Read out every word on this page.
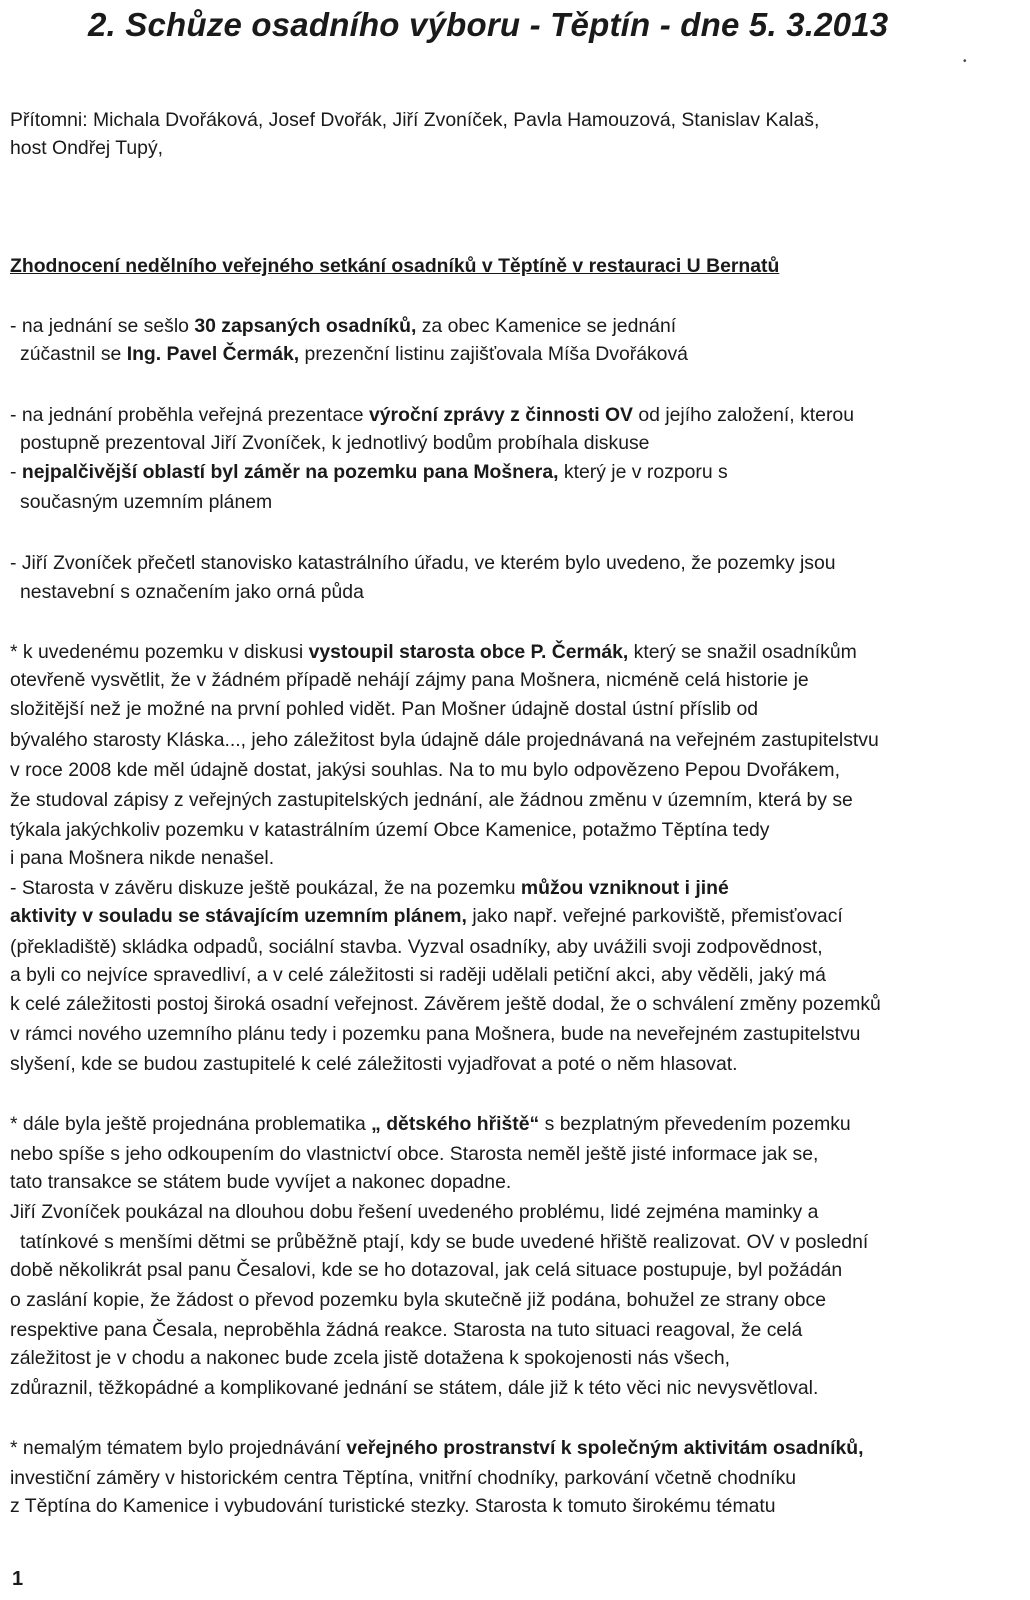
2. Schůze osadního výboru - Těptín - dne 5. 3.2013
•
Přítomni: Michala Dvořáková, Josef Dvořák, Jiří Zvoníček, Pavla Hamouzová, Stanislav Kalaš,
host Ondřej Tupý,
Zhodnocení nedělního veřejného setkání osadníků v Těptíně v restauraci U Bernatů
- na jednání se sešlo 30 zapsaných osadníků, za obec Kamenice se jednání
zúčastnil se Ing. Pavel Čermák, prezenční listinu zajišťovala Míša Dvořáková
- na jednání proběhla veřejná prezentace výroční zprávy z činnosti OV od jejího založení, kterou
postupně prezentoval Jiří Zvoníček, k jednotlivý bodům probíhala diskuse
- nejpalčivější oblastí byl záměr na pozemku pana Mošnera, který je v rozporu s
současným uzemním plánem
- Jiří Zvoníček přečetl stanovisko katastrálního úřadu, ve kterém bylo uvedeno, že pozemky jsou
nestavební s označením jako orná půda
* k uvedenému pozemku v diskusi vystoupil starosta obce P. Čermák, který se snažil osadníkům
otevřeně vysvětlit, že v žádném případě nehájí zájmy pana Mošnera, nicméně celá historie je
složitější než je možné na první pohled vidět. Pan Mošner údajně dostal ústní příslib od
bývalého starosty Kláska..., jeho záležitost byla údajně dále projednávaná na veřejném zastupitelstvu
v roce 2008 kde měl údajně dostat, jakýsi souhlas. Na to mu bylo odpovězeno Pepou Dvořákem,
že studoval zápisy z veřejných zastupitelských jednání, ale žádnou změnu v územním, která by se
týkala jakýchkoliv pozemku v katastrálním území Obce Kamenice, potažmo Těptína tedy
i pana Mošnera nikde nenašel.
- Starosta v závěru diskuze ještě poukázal, že na pozemku můžou vzniknout i jiné
aktivity v souladu se stávajícím uzemním plánem, jako např. veřejné parkoviště, přemisťovací
(překladiště) skládka odpadů, sociální stavba. Vyzval osadníky, aby uvážili svoji zodpovědnost,
a byli co nejvíce spravedliví, a v celé záležitosti si raději udělali petiční akci, aby věděli, jaký má
k celé záležitosti postoj široká osadní veřejnost. Závěrem ještě dodal, že o schválení změny pozemků
v rámci nového uzemního plánu tedy i pozemku pana Mošnera, bude na neveřejném zastupitelstvu
slyšení, kde se budou zastupitelé k celé záležitosti vyjadřovat a poté o něm hlasovat.
* dále byla ještě projednána problematika „ dětského hřiště“ s bezplatným převedením pozemku
nebo spíše s jeho odkoupením do vlastnictví obce. Starosta neměl ještě jisté informace jak se,
tato transakce se státem bude vyvíjet a nakonec dopadne.
Jiří Zvoníček poukázal na dlouhou dobu řešení uvedeného problému, lidé zejména maminky a
tatínkové s menšími dětmi se průběžně ptají, kdy se bude uvedené hřiště realizovat. OV v poslední
době několikrát psal panu Česalovi, kde se ho dotazoval, jak celá situace postupuje, byl požádán
o zaslání kopie, že žádost o převod pozemku byla skutečně již podána, bohužel ze strany obce
respektive pana Česala, neproběhla žádná reakce. Starosta na tuto situaci reagoval, že celá
záležitost je v chodu a nakonec bude zcela jistě dotažena k spokojenosti nás všech,
zdůraznil, těžkopádné a komplikované jednání se státem, dále již k této věci nic nevysvětloval.
* nemalým tématem bylo projednávání veřejného prostranství k společným aktivitám osadníků,
investiční záměry v historickém centra Těptína, vnitřní chodníky, parkování včetně chodníku
z Těptína do Kamenice i vybudování turistické stezky. Starosta k tomuto širokému tématu
1
